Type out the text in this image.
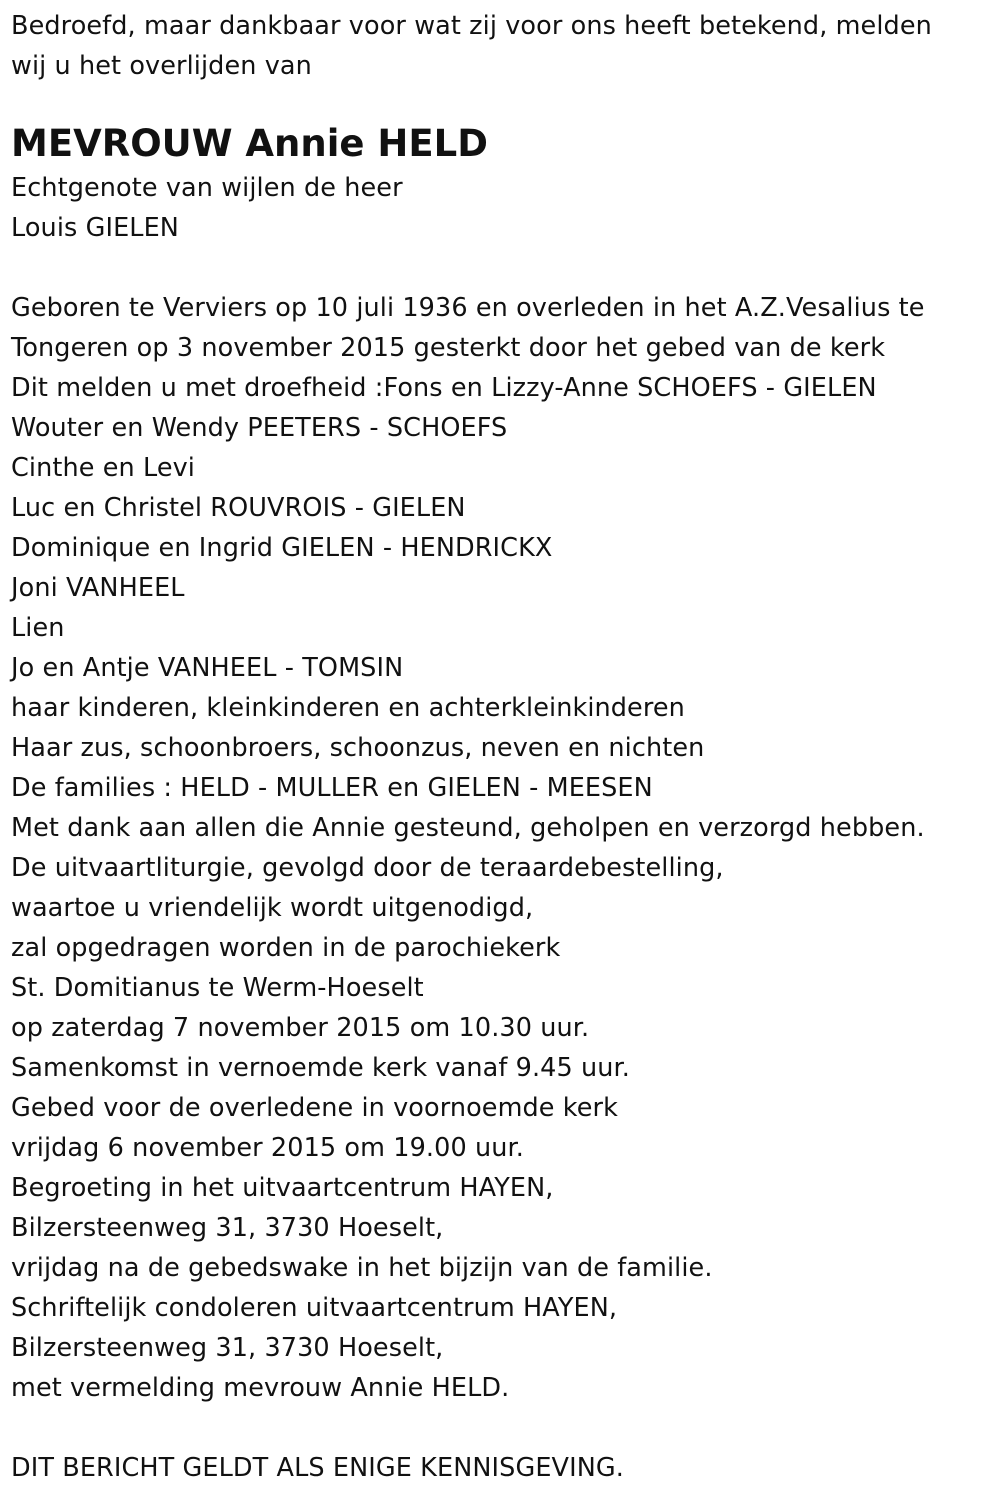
Bedroefd, maar dankbaar voor wat zij voor ons heeft betekend, melden
wij u het overlijden van
MEVROUW Annie HELD
Echtgenote van wijlen de heer
Louis GIELEN
Geboren te Verviers op 10 juli 1936 en overleden in het A.Z.Vesalius te
Tongeren op 3 november 2015 gesterkt door het gebed van de kerk
Dit melden u met droefheid :Fons en Lizzy-Anne SCHOEFS - GIELEN
Wouter en Wendy PEETERS - SCHOEFS
Cinthe en Levi
Luc en Christel ROUVROIS - GIELEN
Dominique en Ingrid GIELEN - HENDRICKX
Joni VANHEEL
Lien
Jo en Antje VANHEEL - TOMSIN
haar kinderen, kleinkinderen en achterkleinkinderen
Haar zus, schoonbroers, schoonzus, neven en nichten
De families : HELD - MULLER en GIELEN - MEESEN
Met dank aan allen die Annie gesteund, geholpen en verzorgd hebben.
De uitvaartliturgie, gevolgd door de teraardebestelling,
waartoe u vriendelijk wordt uitgenodigd,
zal opgedragen worden in de parochiekerk
St. Domitianus te Werm-Hoeselt
op zaterdag 7 november 2015 om 10.30 uur.
Samenkomst in vernoemde kerk vanaf 9.45 uur.
Gebed voor de overledene in voornoemde kerk
vrijdag 6 november 2015 om 19.00 uur.
Begroeting in het uitvaartcentrum HAYEN,
Bilzersteenweg 31, 3730 Hoeselt,
vrijdag na de gebedswake in het bijzijn van de familie.
Schriftelijk condoleren uitvaartcentrum HAYEN,
Bilzersteenweg 31, 3730 Hoeselt,
met vermelding mevrouw Annie HELD.
DIT BERICHT GELDT ALS ENIGE KENNISGEVING.
